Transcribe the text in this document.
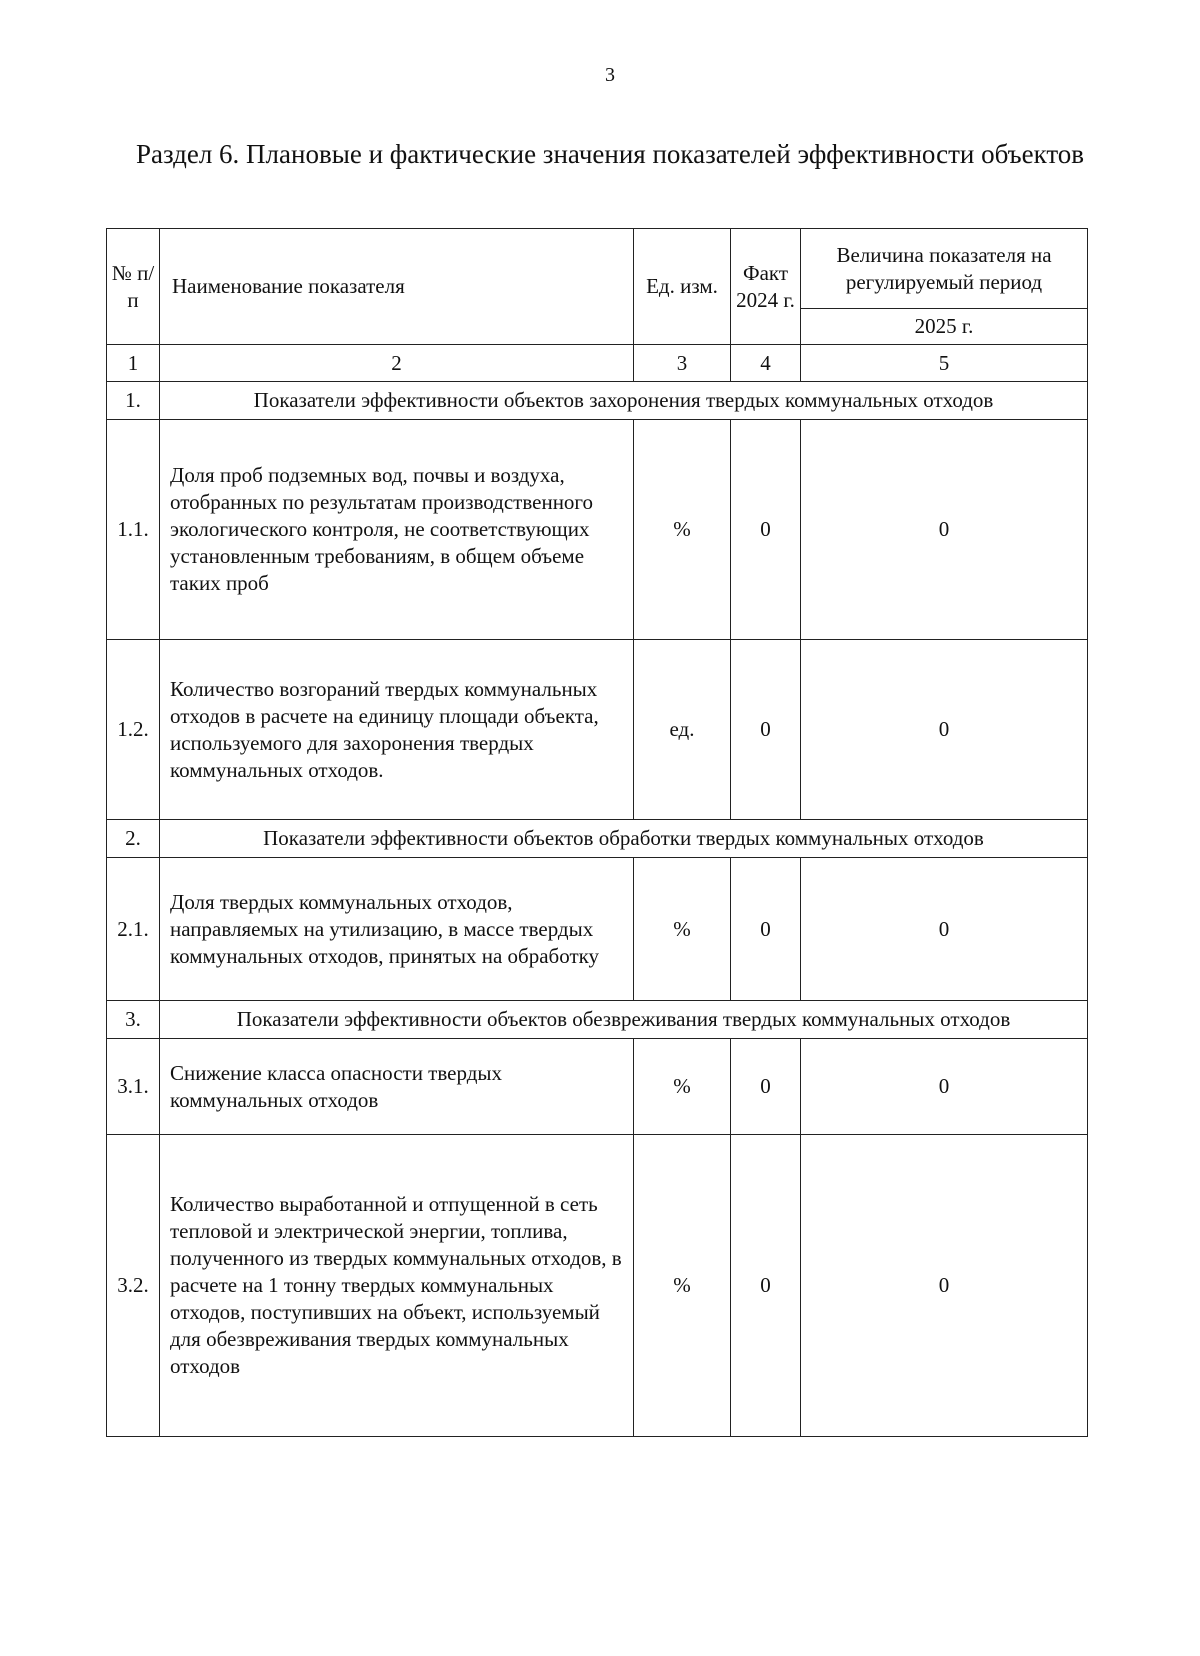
3
Раздел 6. Плановые и фактические значения показателей эффективности объектов
№ п/п	Наименование показателя	Ед. изм.	Факт 2024 г.	Величина показателя на регулируемый период
				2025 г.
1	2	3	4	5
1.	Показатели эффективности объектов захоронения твердых коммунальных отходов			
1.1.	Доля проб подземных вод, почвы и воздуха, отобранных по результатам производственного экологического контроля, не соответствующих установленным требованиям, в общем объеме таких проб	%	0	0
1.2.	Количество возгораний твердых коммунальных отходов в расчете на единицу площади объекта, используемого для захоронения твердых коммунальных отходов.	ед.	0	0
2.	Показатели эффективности объектов обработки твердых коммунальных отходов			
2.1.	Доля твердых коммунальных отходов, направляемых на утилизацию, в массе твердых коммунальных отходов, принятых на обработку	%	0	0
3.	Показатели эффективности объектов обезвреживания твердых коммунальных отходов			
3.1.	Снижение класса опасности твердых коммунальных отходов	%	0	0
3.2.	Количество выработанной и отпущенной в сеть тепловой и электрической энергии, топлива, полученного из твердых коммунальных отходов, в расчете на 1 тонну твердых коммунальных отходов, поступивших на объект, используемый для обезвреживания твердых коммунальных отходов	%	0	0
